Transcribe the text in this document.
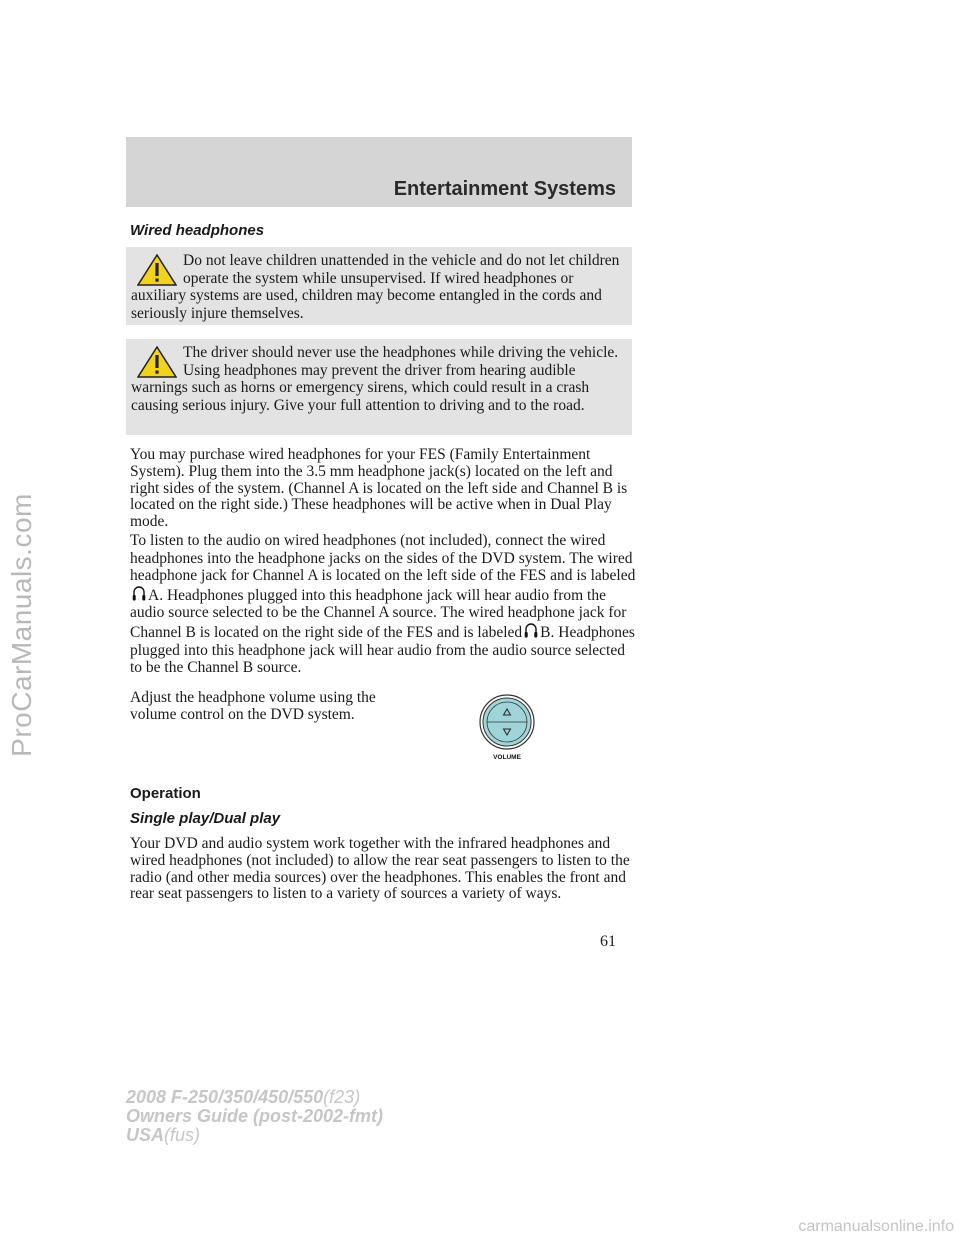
Entertainment Systems
Wired headphones

Do not leave children unattended in the vehicle and do not let children operate the system while unsupervised. If wired headphones or auxiliary systems are used, children may become entangled in the cords and seriously injure themselves.

The driver should never use the headphones while driving the vehicle. Using headphones may prevent the driver from hearing audible warnings such as horns or emergency sirens, which could result in a crash causing serious injury. Give your full attention to driving and to the road.

You may purchase wired headphones for your FES (Family Entertainment System). Plug them into the 3.5 mm headphone jack(s) located on the left and right sides of the system. (Channel A is located on the left side and Channel B is located on the right side.) These headphones will be active when in Dual Play mode.

To listen to the audio on wired headphones (not included), connect the wired headphones into the headphone jacks on the sides of the DVD system. The wired headphone jack for Channel A is located on the left side of the FES and is labeledA. Headphones plugged into this headphone jack will hear audio from the audio source selected to be the Channel A source. The wired headphone jack for Channel B is located on the right side of the FES and is labeled B. Headphones plugged into this headphone jack will hear audio from the audio source selected to be the Channel B source.

Adjust the headphone volume using the volume control on the DVD system.

VOLUME
Operation
Single play/Dual play

Your DVD and audio system work together with the infrared headphones and wired headphones (not included) to allow the rear seat passengers to listen to the radio (and other media sources) over the headphones. This enables the front and rear seat passengers to listen to a variety of sources a variety of ways.

61
2008 F-250/350/450/550(f23)
Owners Guide (post-2002-fmt)
USA(fus)
ProCarManuals.com
carmanualsonline.info
